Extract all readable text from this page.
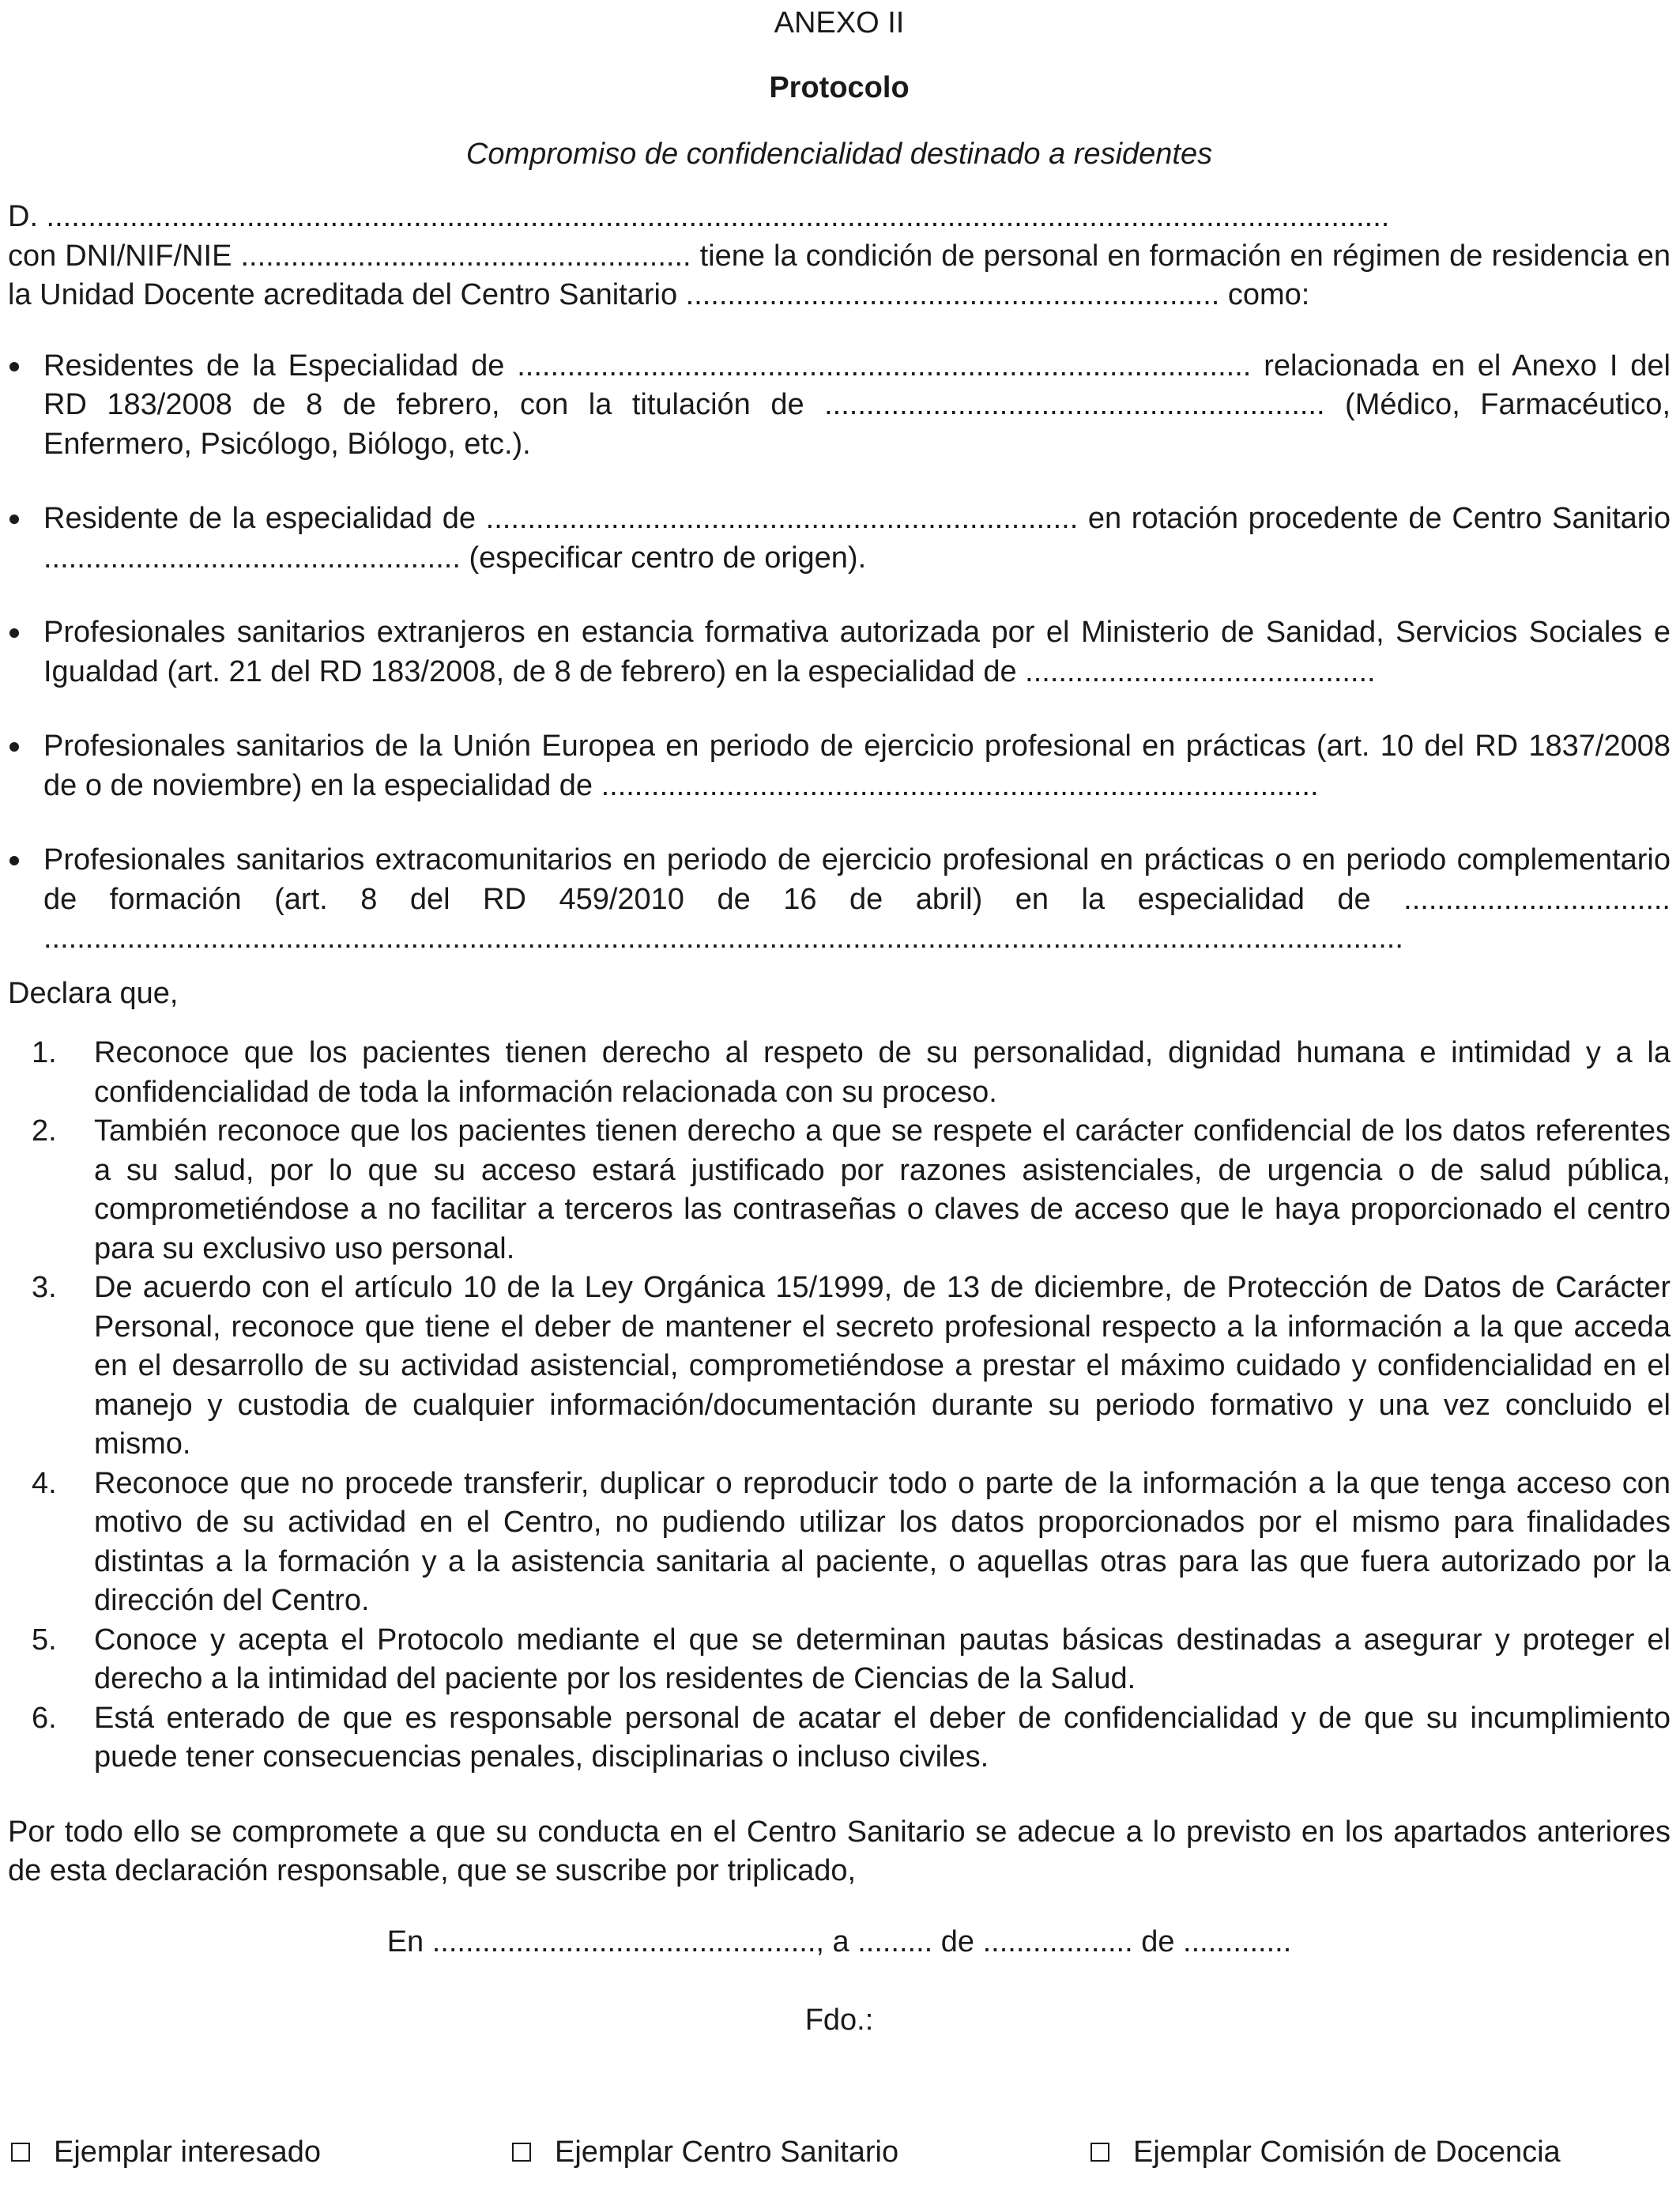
ANEXO II
Protocolo
Compromiso de confidencialidad destinado a residentes
D. .................................................................................................................................................................
con DNI/NIF/NIE ...................................................... tiene la condición de personal en formación en régimen de residencia en la Unidad Docente acreditada del Centro Sanitario ................................................................ como:
Residentes de la Especialidad de ........................................................................................ relacionada en el Anexo I del RD 183/2008 de 8 de febrero, con la titulación de ............................................................ (Médico, Farmacéutico, Enfermero, Psicólogo, Biólogo, etc.).
Residente de la especialidad de ....................................................................... en rotación procedente de Centro Sanitario .................................................. (especificar centro de origen).
Profesionales sanitarios extranjeros en estancia formativa autorizada por el Ministerio de Sanidad, Servicios Sociales e Igualdad (art. 21 del RD 183/2008, de 8 de febrero) en la especialidad de ..........................................
Profesionales sanitarios de la Unión Europea en periodo de ejercicio profesional en prácticas (art. 10 del RD 1837/2008 de o de noviembre) en la especialidad de ......................................................................................
Profesionales sanitarios extracomunitarios en periodo de ejercicio profesional en prácticas o en periodo complementario de formación (art. 8 del RD 459/2010 de 16 de abril) en la especialidad de ................................ ...................................................................................................................................................................
Declara que,
1. Reconoce que los pacientes tienen derecho al respeto de su personalidad, dignidad humana e intimidad y a la confidencialidad de toda la información relacionada con su proceso.
2. También reconoce que los pacientes tienen derecho a que se respete el carácter confidencial de los datos referentes a su salud, por lo que su acceso estará justificado por razones asistenciales, de urgencia o de salud pública, comprometiéndose a no facilitar a terceros las contraseñas o claves de acceso que le haya proporcionado el centro para su exclusivo uso personal.
3. De acuerdo con el artículo 10 de la Ley Orgánica 15/1999, de 13 de diciembre, de Protección de Datos de Carácter Personal, reconoce que tiene el deber de mantener el secreto profesional respecto a la información a la que acceda en el desarrollo de su actividad asistencial, comprometiéndose a prestar el máximo cuidado y confidencialidad en el manejo y custodia de cualquier información/documentación durante su periodo formativo y una vez concluido el mismo.
4. Reconoce que no procede transferir, duplicar o reproducir todo o parte de la información a la que tenga acceso con motivo de su actividad en el Centro, no pudiendo utilizar los datos proporcionados por el mismo para finalidades distintas a la formación y a la asistencia sanitaria al paciente, o aquellas otras para las que fuera autorizado por la dirección del Centro.
5. Conoce y acepta el Protocolo mediante el que se determinan pautas básicas destinadas a asegurar y proteger el derecho a la intimidad del paciente por los residentes de Ciencias de la Salud.
6. Está enterado de que es responsable personal de acatar el deber de confidencialidad y de que su incumplimiento puede tener consecuencias penales, disciplinarias o incluso civiles.
Por todo ello se compromete a que su conducta en el Centro Sanitario se adecue a lo previsto en los apartados anteriores de esta declaración responsable, que se suscribe por triplicado,
En .............................................., a ......... de .................. de .............
Fdo.:
Ejemplar interesado	Ejemplar Centro Sanitario	Ejemplar Comisión de Docencia
